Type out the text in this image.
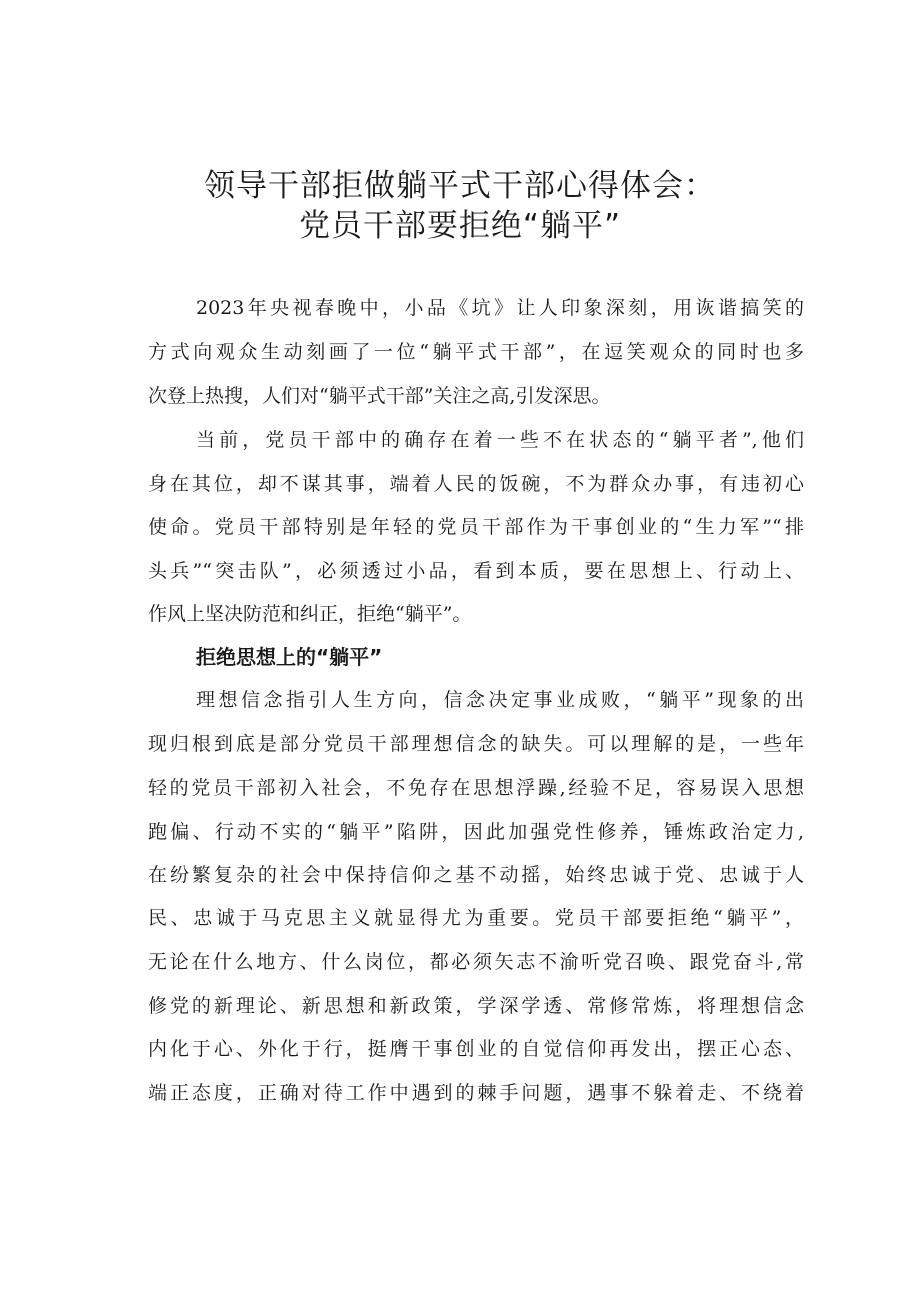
领导干部拒做躺平式干部心得体会：
党员干部要拒绝“躺平”
2023年央视春晚中，小品《坑》让人印象深刻，用诙谐搞笑的
方式向观众生动刻画了一位“躺平式干部”，在逗笑观众的同时也多
次登上热搜，人们对“躺平式干部”关注之高,引发深思。
当前，党员干部中的确存在着一些不在状态的“躺平者”,他们
身在其位，却不谋其事，端着人民的饭碗，不为群众办事，有违初心
使命。党员干部特别是年轻的党员干部作为干事创业的“生力军”“排
头兵”“突击队”，必须透过小品，看到本质，要在思想上、行动上、
作风上坚决防范和纠正，拒绝“躺平”。
拒绝思想上的“躺平”
理想信念指引人生方向，信念决定事业成败，“躺平”现象的出
现归根到底是部分党员干部理想信念的缺失。可以理解的是，一些年
轻的党员干部初入社会，不免存在思想浮躁,经验不足，容易误入思想
跑偏、行动不实的“躺平”陷阱，因此加强党性修养，锤炼政治定力,
在纷繁复杂的社会中保持信仰之基不动摇，始终忠诚于党、忠诚于人
民、忠诚于马克思主义就显得尤为重要。党员干部要拒绝“躺平”，
无论在什么地方、什么岗位，都必须矢志不渝听党召唤、跟党奋斗,常
修党的新理论、新思想和新政策，学深学透、常修常炼，将理想信念
内化于心、外化于行，挺膺干事创业的自觉信仰再发出，摆正心态、
端正态度，正确对待工作中遇到的棘手问题，遇事不躲着走、不绕着
